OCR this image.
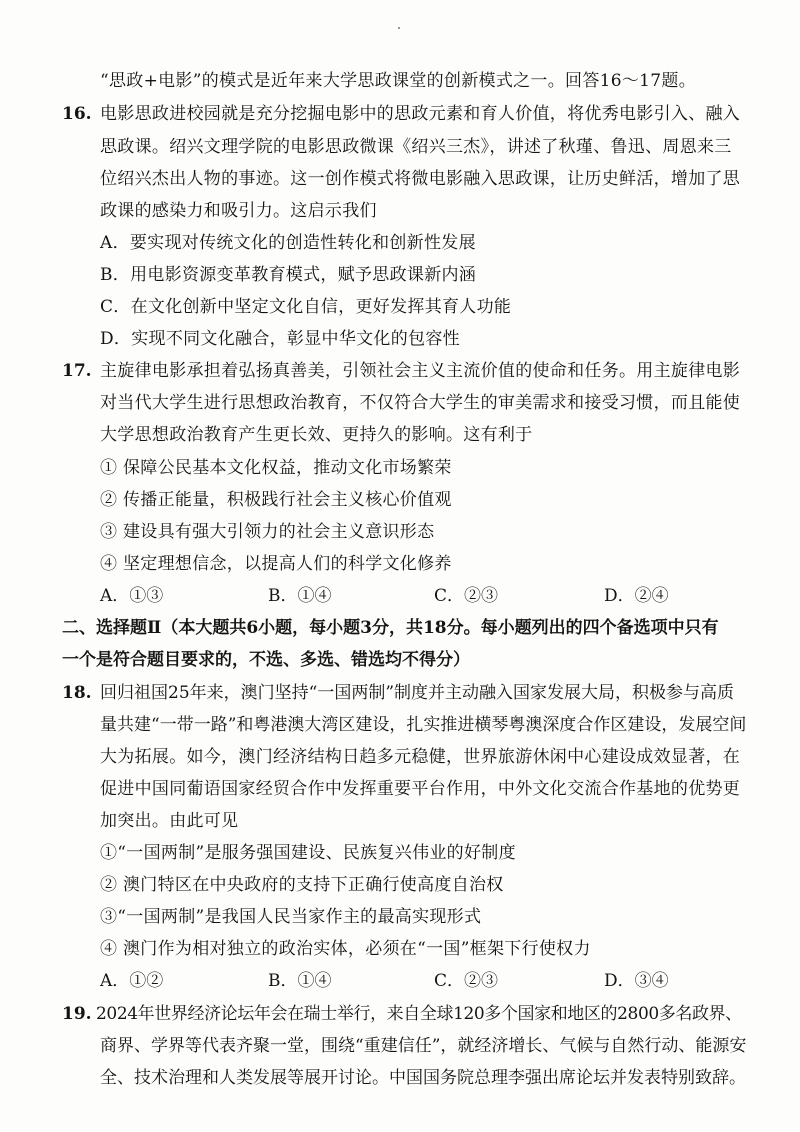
“思政+电影”的模式是近年来大学思政课堂的创新模式之一。回答16～17题。

16. 电影思政进校园就是充分挖掘电影中的思政元素和育人价值，将优秀电影引入、融入

思政课。绍兴文理学院的电影思政微课《绍兴三杰》，讲述了秋瑾、鲁迅、周恩来三

位绍兴杰出人物的事迹。这一创作模式将微电影融入思政课，让历史鲜活，增加了思

政课的感染力和吸引力。这启示我们

A．要实现对传统文化的创造性转化和创新性发展

B．用电影资源变革教育模式，赋予思政课新内涵

C．在文化创新中坚定文化自信，更好发挥其育人功能

D．实现不同文化融合，彰显中华文化的包容性

17. 主旋律电影承担着弘扬真善美，引领社会主义主流价值的使命和任务。用主旋律电影

对当代大学生进行思想政治教育，不仅符合大学生的审美需求和接受习惯，而且能使

大学思想政治教育产生更长效、更持久的影响。这有利于

① 保障公民基本文化权益，推动文化市场繁荣

② 传播正能量，积极践行社会主义核心价值观

③ 建设具有强大引领力的社会主义意识形态

④ 坚定理想信念，以提高人们的科学文化修养

A．①③	B．①④	C．②③	D．②④

二、选择题Ⅱ（本大题共6小题，每小题3分，共18分。每小题列出的四个备选项中只有

一个是符合题目要求的，不选、多选、错选均不得分）

18. 回归祖国25年来，澳门坚持“一国两制”制度并主动融入国家发展大局，积极参与高质

量共建“一带一路”和粤港澳大湾区建设，扎实推进横琴粤澳深度合作区建设，发展空间

大为拓展。如今，澳门经济结构日趋多元稳健，世界旅游休闲中心建设成效显著，在

促进中国同葡语国家经贸合作中发挥重要平台作用，中外文化交流合作基地的优势更

加突出。由此可见

①“一国两制”是服务强国建设、民族复兴伟业的好制度

② 澳门特区在中央政府的支持下正确行使高度自治权

③“一国两制”是我国人民当家作主的最高实现形式

④ 澳门作为相对独立的政治实体，必须在“一国”框架下行使权力

A．①②	B．①④	C．②③	D．③④

19. 2024年世界经济论坛年会在瑞士举行，来自全球120多个国家和地区的2800多名政界、

商界、学界等代表齐聚一堂，围绕“重建信任”，就经济增长、气候与自然行动、能源安

全、技术治理和人类发展等展开讨论。中国国务院总理李强出席论坛并发表特别致辞。
